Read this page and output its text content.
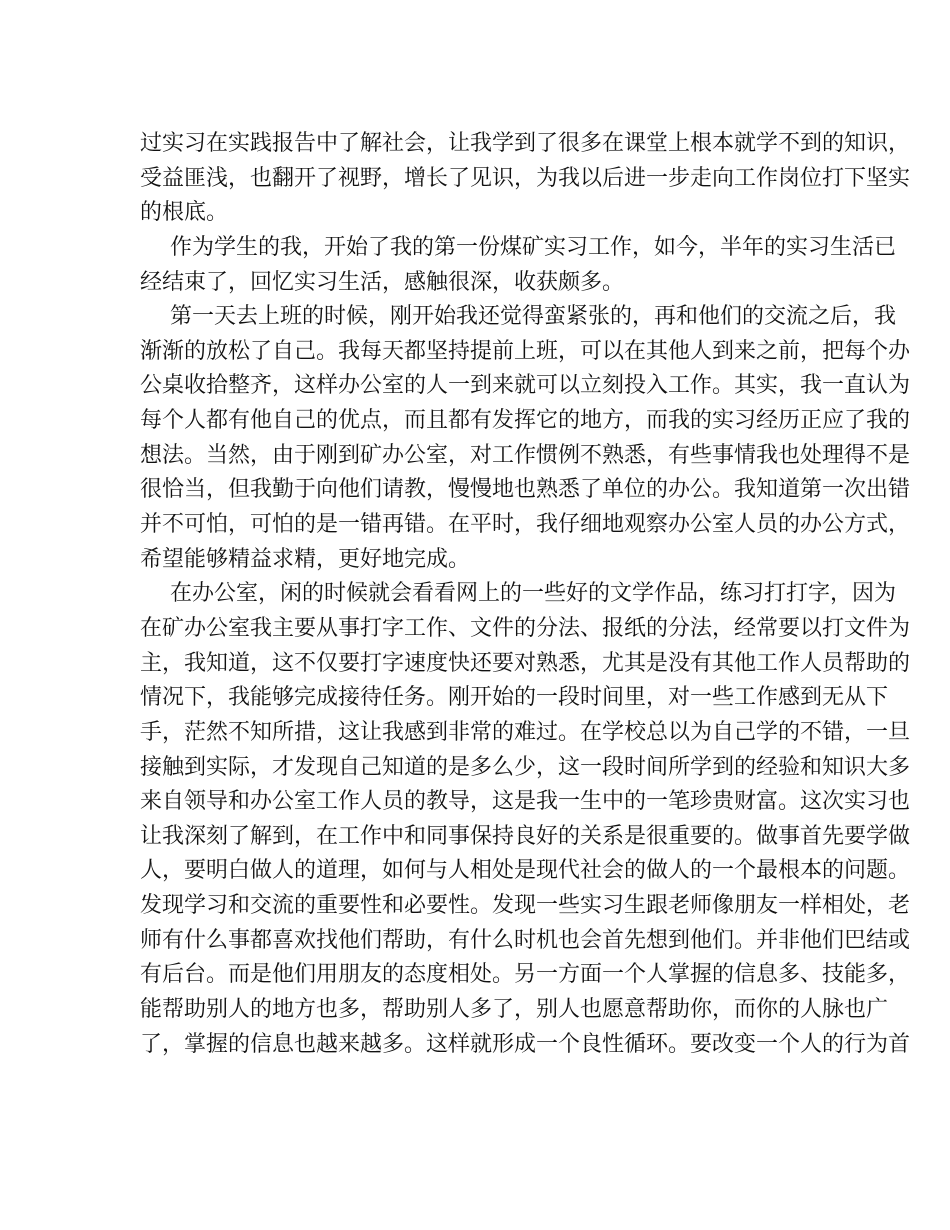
过实习在实践报告中了解社会，让我学到了很多在课堂上根本就学不到的知识，
受益匪浅，也翻开了视野，增长了见识，为我以后进一步走向工作岗位打下坚实
的根底。
作为学生的我，开始了我的第一份煤矿实习工作，如今，半年的实习生活已
经结束了，回忆实习生活，感触很深，收获颇多。
第一天去上班的时候，刚开始我还觉得蛮紧张的，再和他们的交流之后，我
渐渐的放松了自己。我每天都坚持提前上班，可以在其他人到来之前，把每个办
公桌收拾整齐，这样办公室的人一到来就可以立刻投入工作。其实，我一直认为
每个人都有他自己的优点，而且都有发挥它的地方，而我的实习经历正应了我的
想法。当然，由于刚到矿办公室，对工作惯例不熟悉，有些事情我也处理得不是
很恰当，但我勤于向他们请教，慢慢地也熟悉了单位的办公。我知道第一次出错
并不可怕，可怕的是一错再错。在平时，我仔细地观察办公室人员的办公方式，
希望能够精益求精，更好地完成。
在办公室，闲的时候就会看看网上的一些好的文学作品，练习打打字，因为
在矿办公室我主要从事打字工作、文件的分法、报纸的分法，经常要以打文件为
主，我知道，这不仅要打字速度快还要对熟悉，尤其是没有其他工作人员帮助的
情况下，我能够完成接待任务。刚开始的一段时间里，对一些工作感到无从下
手，茫然不知所措，这让我感到非常的难过。在学校总以为自己学的不错，一旦
接触到实际，才发现自己知道的是多么少，这一段时间所学到的经验和知识大多
来自领导和办公室工作人员的教导，这是我一生中的一笔珍贵财富。这次实习也
让我深刻了解到，在工作中和同事保持良好的关系是很重要的。做事首先要学做
人，要明白做人的道理，如何与人相处是现代社会的做人的一个最根本的问题。
发现学习和交流的重要性和必要性。发现一些实习生跟老师像朋友一样相处，老
师有什么事都喜欢找他们帮助，有什么时机也会首先想到他们。并非他们巴结或
有后台。而是他们用朋友的态度相处。另一方面一个人掌握的信息多、技能多，
能帮助别人的地方也多，帮助别人多了，别人也愿意帮助你，而你的人脉也广
了，掌握的信息也越来越多。这样就形成一个良性循环。要改变一个人的行为首
